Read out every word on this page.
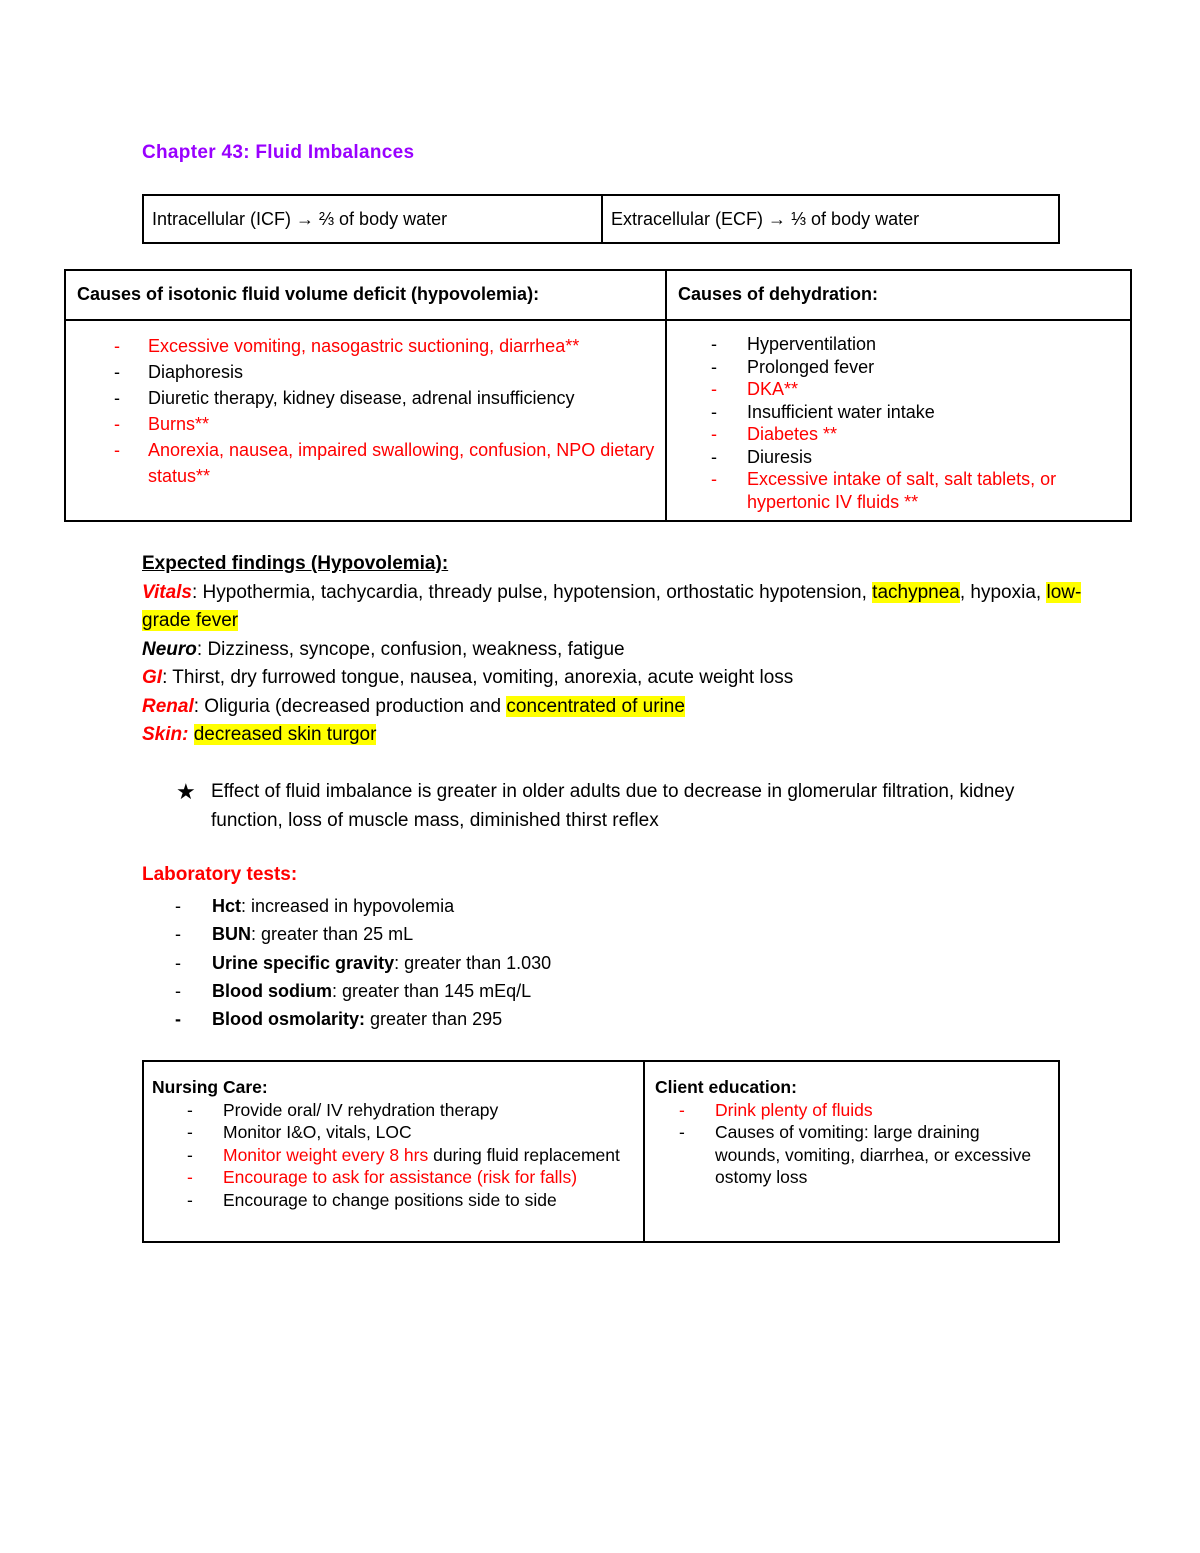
Chapter 43: Fluid Imbalances
Intracellular (ICF) → ⅔ of body water	Extracellular (ECF) → ⅓ of body water
Causes of isotonic fluid volume deficit (hypovolemia):	Causes of dehydration:
- Excessive vomiting, nasogastric suctioning, diarrhea**
- Diaphoresis
- Diuretic therapy, kidney disease, adrenal insufficiency
- Burns**
- Anorexia, nausea, impaired swallowing, confusion, NPO dietary status**
- Hyperventilation
- Prolonged fever
- DKA**
- Insufficient water intake
- Diabetes **
- Diuresis
- Excessive intake of salt, salt tablets, or hypertonic IV fluids **
Expected findings (Hypovolemia):
Vitals: Hypothermia, tachycardia, thready pulse, hypotension, orthostatic hypotension, tachypnea, hypoxia, low- grade fever
Neuro: Dizziness, syncope, confusion, weakness, fatigue
GI: Thirst, dry furrowed tongue, nausea, vomiting, anorexia, acute weight loss
Renal: Oliguria (decreased production and concentrated of urine
Skin: decreased skin turgor
★ Effect of fluid imbalance is greater in older adults due to decrease in glomerular filtration, kidney function, loss of muscle mass, diminished thirst reflex
Laboratory tests:
- Hct: increased in hypovolemia
- BUN: greater than 25 mL
- Urine specific gravity: greater than 1.030
- Blood sodium: greater than 145 mEq/L
- Blood osmolarity: greater than 295
Nursing Care:
- Provide oral/ IV rehydration therapy
- Monitor I&O, vitals, LOC
- Monitor weight every 8 hrs during fluid replacement
- Encourage to ask for assistance (risk for falls)
- Encourage to change positions side to side
Client education:
- Drink plenty of fluids
- Causes of vomiting: large draining wounds, vomiting, diarrhea, or excessive ostomy loss
